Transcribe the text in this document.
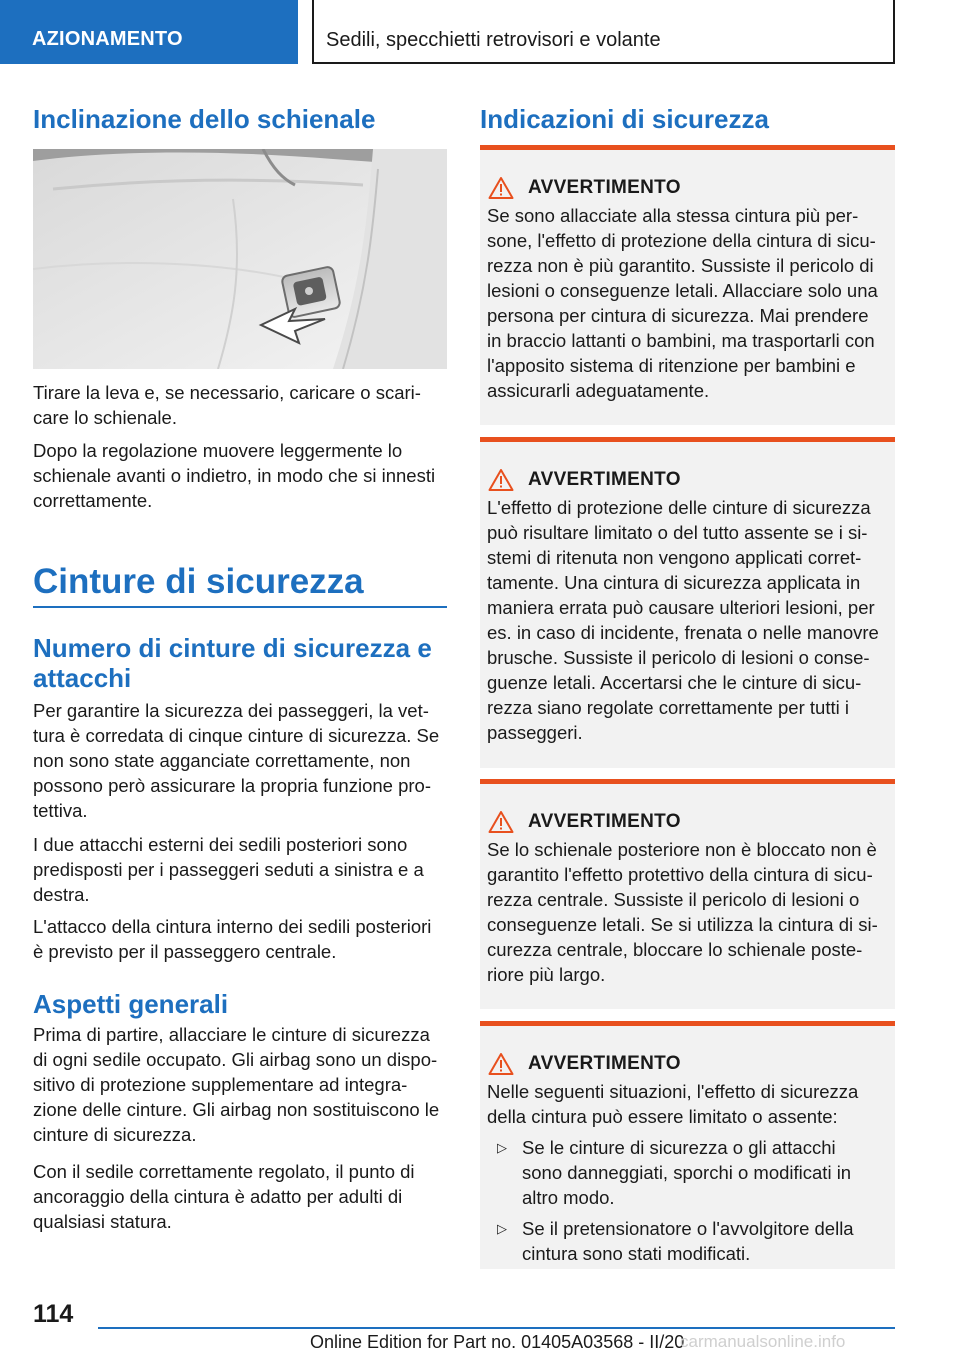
AZIONAMENTO	Sedili, specchietti retrovisori e volante
Inclinazione dello schienale

Tirare la leva e, se necessario, caricare o scari-
care lo schienale.

Dopo la regolazione muovere leggermente lo
schienale avanti o indietro, in modo che si innesti
correttamente.

Cinture di sicurezza
Numero di cinture di sicurezza e
attacchi

Per garantire la sicurezza dei passeggeri, la vet-
tura è corredata di cinque cinture di sicurezza. Se
non sono state agganciate correttamente, non
possono però assicurare la propria funzione pro-
tettiva.

I due attacchi esterni dei sedili posteriori sono
predisposti per i passeggeri seduti a sinistra e a
destra.

L'attacco della cintura interno dei sedili posteriori
è previsto per il passeggero centrale.

Aspetti generali

Prima di partire, allacciare le cinture di sicurezza
di ogni sedile occupato. Gli airbag sono un dispo-
sitivo di protezione supplementare ad integra-
zione delle cinture. Gli airbag non sostituiscono le
cinture di sicurezza.

Con il sedile correttamente regolato, il punto di
ancoraggio della cintura è adatto per adulti di
qualsiasi statura.

Indicazioni di sicurezza
AVVERTIMENTO
Se sono allacciate alla stessa cintura più per-
sone, l'effetto di protezione della cintura di sicu-
rezza non è più garantito. Sussiste il pericolo di
lesioni o conseguenze letali. Allacciare solo una
persona per cintura di sicurezza. Mai prendere
in braccio lattanti o bambini, ma trasportarli con
l'apposito sistema di ritenzione per bambini e
assicurarli adeguatamente.
AVVERTIMENTO
L'effetto di protezione delle cinture di sicurezza
può risultare limitato o del tutto assente se i si-
stemi di ritenuta non vengono applicati corret-
tamente. Una cintura di sicurezza applicata in
maniera errata può causare ulteriori lesioni, per
es. in caso di incidente, frenata o nelle manovre
brusche. Sussiste il pericolo di lesioni o conse-
guenze letali. Accertarsi che le cinture di sicu-
rezza siano regolate correttamente per tutti i
passeggeri.
AVVERTIMENTO
Se lo schienale posteriore non è bloccato non è
garantito l'effetto protettivo della cintura di sicu-
rezza centrale. Sussiste il pericolo di lesioni o
conseguenze letali. Se si utilizza la cintura di si-
curezza centrale, bloccare lo schienale poste-
riore più largo.
AVVERTIMENTO
Nelle seguenti situazioni, l'effetto di sicurezza
della cintura può essere limitato o assente:
▷ Se le cinture di sicurezza o gli attacchi
sono danneggiati, sporchi o modificati in
altro modo.
▷ Se il pretensionatore o l'avvolgitore della
cintura sono stati modificati.
114
Online Edition for Part no. 01405A03568 - II/20
carmanualsonline.info
